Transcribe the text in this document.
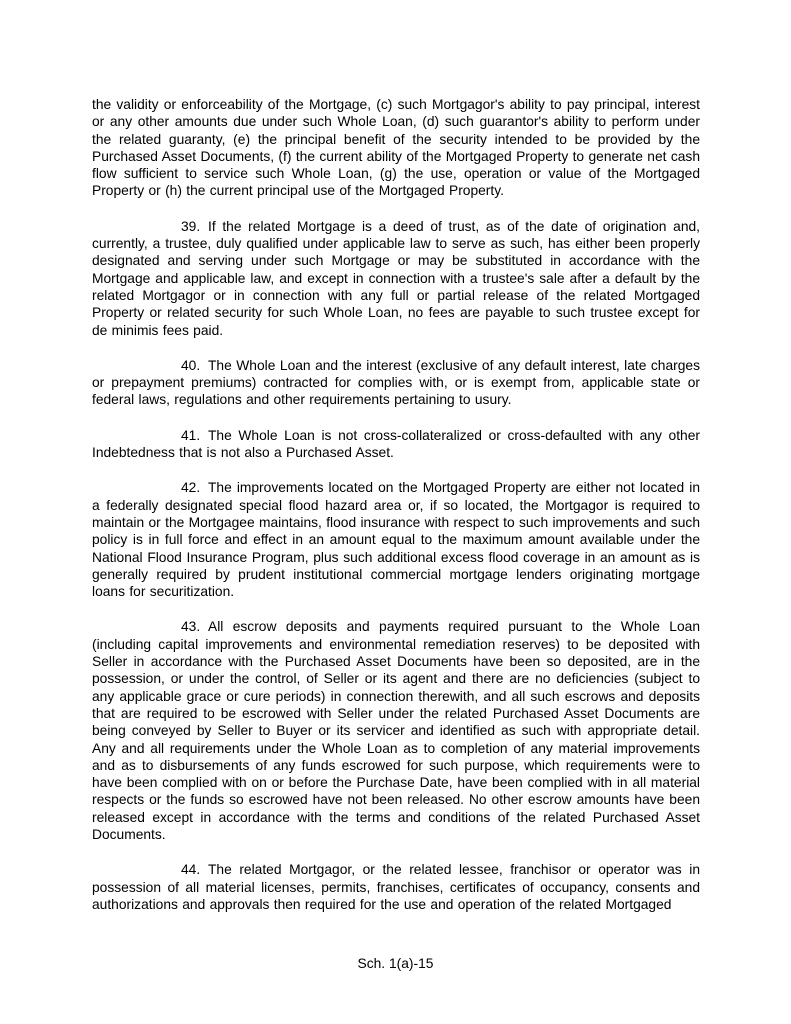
the validity or enforceability of the Mortgage, (c) such Mortgagor's ability to pay principal, interest or any other amounts due under such Whole Loan, (d) such guarantor's ability to perform under the related guaranty, (e) the principal benefit of the security intended to be provided by the Purchased Asset Documents, (f) the current ability of the Mortgaged Property to generate net cash flow sufficient to service such Whole Loan, (g) the use, operation or value of the Mortgaged Property or (h) the current principal use of the Mortgaged Property.

39. If the related Mortgage is a deed of trust, as of the date of origination and, currently, a trustee, duly qualified under applicable law to serve as such, has either been properly designated and serving under such Mortgage or may be substituted in accordance with the Mortgage and applicable law, and except in connection with a trustee's sale after a default by the related Mortgagor or in connection with any full or partial release of the related Mortgaged Property or related security for such Whole Loan, no fees are payable to such trustee except for de minimis fees paid.

40. The Whole Loan and the interest (exclusive of any default interest, late charges or prepayment premiums) contracted for complies with, or is exempt from, applicable state or federal laws, regulations and other requirements pertaining to usury.

41. The Whole Loan is not cross-collateralized or cross-defaulted with any other Indebtedness that is not also a Purchased Asset.

42. The improvements located on the Mortgaged Property are either not located in a federally designated special flood hazard area or, if so located, the Mortgagor is required to maintain or the Mortgagee maintains, flood insurance with respect to such improvements and such policy is in full force and effect in an amount equal to the maximum amount available under the National Flood Insurance Program, plus such additional excess flood coverage in an amount as is generally required by prudent institutional commercial mortgage lenders originating mortgage loans for securitization.

43. All escrow deposits and payments required pursuant to the Whole Loan (including capital improvements and environmental remediation reserves) to be deposited with Seller in accordance with the Purchased Asset Documents have been so deposited, are in the possession, or under the control, of Seller or its agent and there are no deficiencies (subject to any applicable grace or cure periods) in connection therewith, and all such escrows and deposits that are required to be escrowed with Seller under the related Purchased Asset Documents are being conveyed by Seller to Buyer or its servicer and identified as such with appropriate detail. Any and all requirements under the Whole Loan as to completion of any material improvements and as to disbursements of any funds escrowed for such purpose, which requirements were to have been complied with on or before the Purchase Date, have been complied with in all material respects or the funds so escrowed have not been released. No other escrow amounts have been released except in accordance with the terms and conditions of the related Purchased Asset Documents.

44. The related Mortgagor, or the related lessee, franchisor or operator was in possession of all material licenses, permits, franchises, certificates of occupancy, consents and authorizations and approvals then required for the use and operation of the related Mortgaged

Sch. 1(a)-15
